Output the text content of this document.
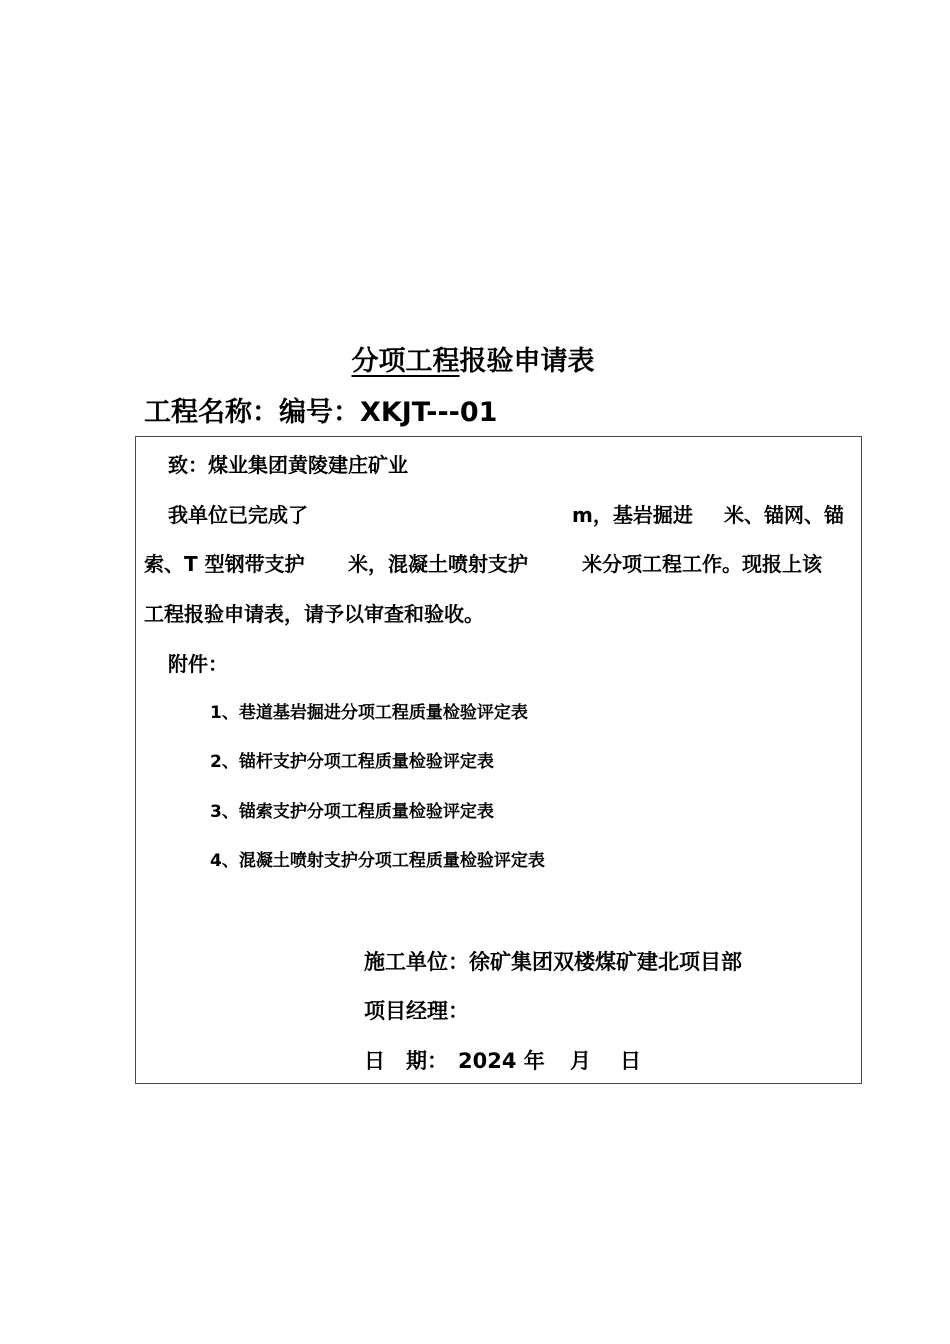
分项工程报验申请表
工程名称：编号：XKJT---01
致：煤业集团黄陵建庄矿业
我单位已完成了	m，基岩掘进 米、锚网、锚
索、T 型钢带支护 米，混凝土喷射支护	米分项工程工作。现报上该
工程报验申请表，请予以审查和验收。
附件：
1、巷道基岩掘进分项工程质量检验评定表
2、锚杆支护分项工程质量检验评定表
3、锚索支护分项工程质量检验评定表
4、混凝土喷射支护分项工程质量检验评定表
施工单位：徐矿集团双楼煤矿建北项目部
项目经理：
日　期： 2024 年 月 日
